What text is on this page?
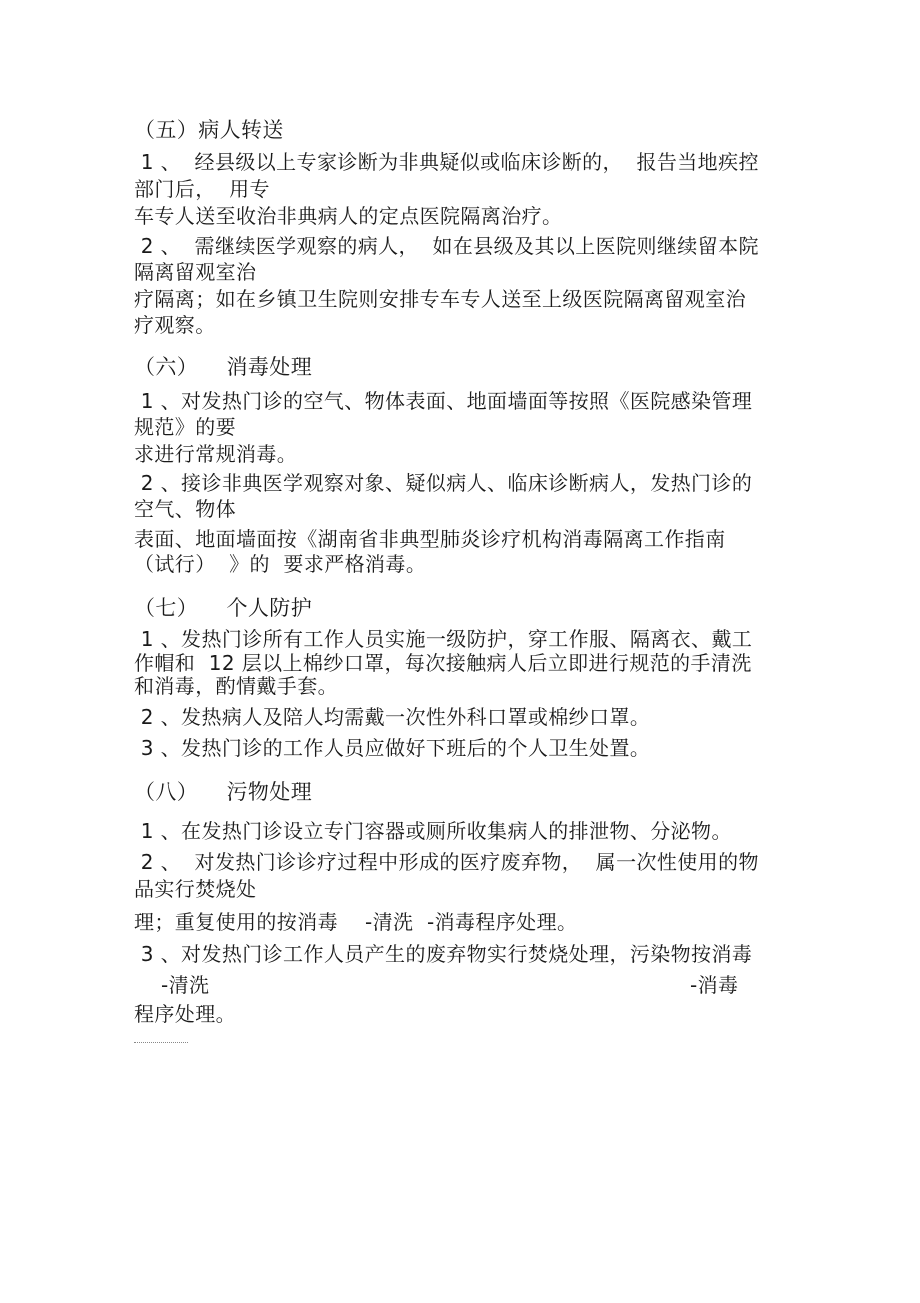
（五）病人转送
1 、  经县级以上专家诊断为非典疑似或临床诊断的，  报告当地疾控
部门后，  用专
车专人送至收治非典病人的定点医院隔离治疗。
2 、  需继续医学观察的病人，  如在县级及其以上医院则继续留本院
隔离留观室治
疗隔离；如在乡镇卫生院则安排专车专人送至上级医院隔离留观室治
疗观察。
（六）    消毒处理
1 、对发热门诊的空气、物体表面、地面墙面等按照《医院感染管理
规范》的要
求进行常规消毒。
2 、接诊非典医学观察对象、疑似病人、临床诊断病人，发热门诊的
空气、物体
表面、地面墙面按《湖南省非典型肺炎诊疗机构消毒隔离工作指南
（试行）  》的  要求严格消毒。
（七）    个人防护
1 、发热门诊所有工作人员实施一级防护，穿工作服、隔离衣、戴工
作帽和  12 层以上棉纱口罩，每次接触病人后立即进行规范的手清洗
和消毒，酌情戴手套。
2 、发热病人及陪人均需戴一次性外科口罩或棉纱口罩。
3 、发热门诊的工作人员应做好下班后的个人卫生处置。
（八）    污物处理
1 、在发热门诊设立专门容器或厕所收集病人的排泄物、分泌物。
2 、  对发热门诊诊疗过程中形成的医疗废弃物，  属一次性使用的物
品实行焚烧处
理；重复使用的按消毒    -清洗  -消毒程序处理。
3 、对发热门诊工作人员产生的废弃物实行焚烧处理，污染物按消毒
-清洗	-消毒
程序处理。
